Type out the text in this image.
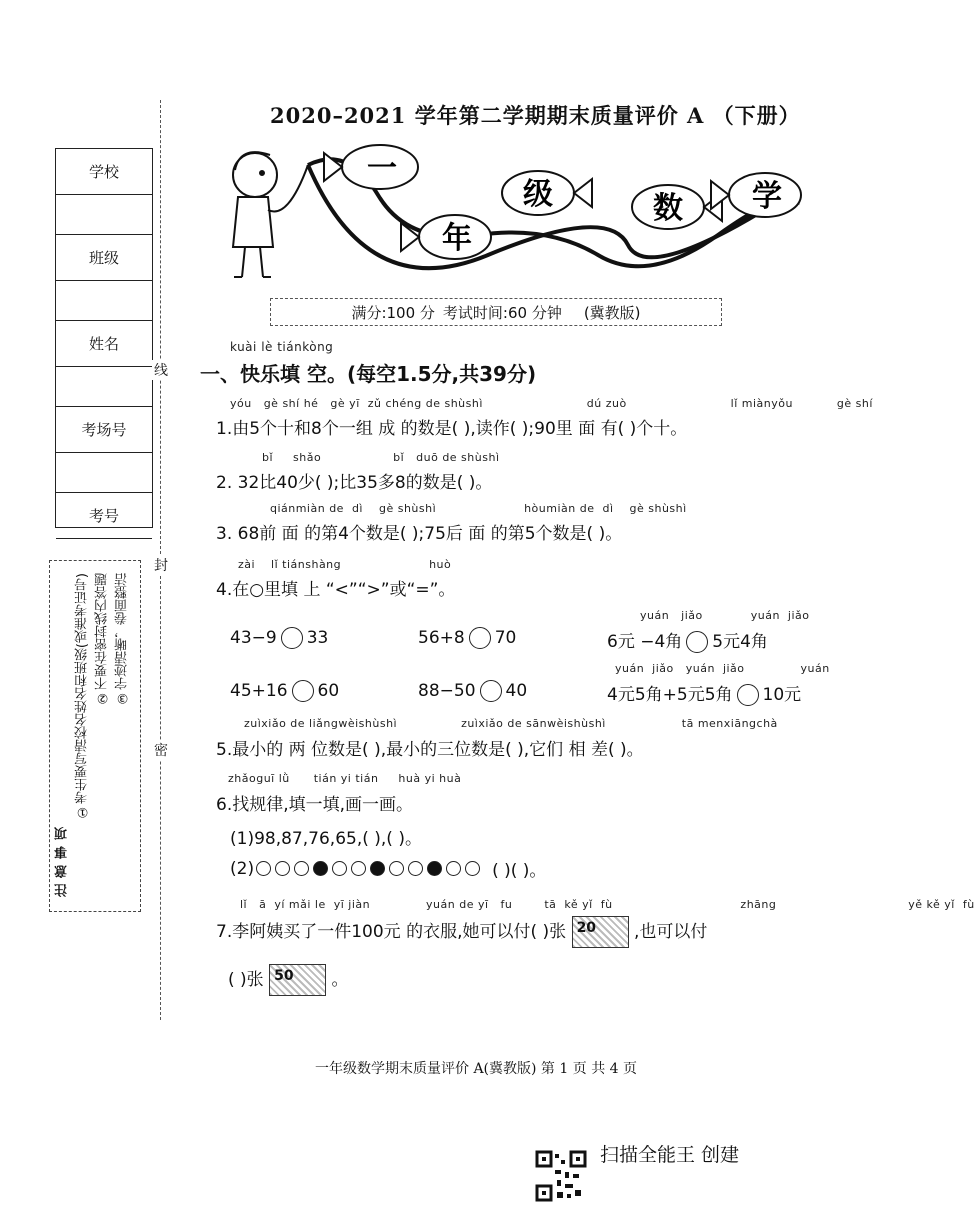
2020–2021 学年第二学期期末质量评价 A （下册）
学校
班级
姓名
考场号
考号
注意事项
①考生要写清校名姓名和班级(或准考证号) ②不要在密封线内答题 ③字迹清晰，卷面整洁
线
封
密
一
年
级	数 学
满分:100 分 考试时间:60 分钟 (冀教版)
kuài lè tiánkòng
一、快乐填 空。(每空1.5分,共39分)
yóu   gè shí hé   gè yī  zǔ chéng de shùshì                          dú zuò                          lǐ miànyǒu           gè shí
1.由5个十和8个一组 成 的数是( ),读作( );90里 面 有( )个十。
bǐ     shǎo                  bǐ   duō de shùshì
2. 32比40少( );比35多8的数是( )。
qiánmiàn de  dì    gè shùshì                      hòumiàn de  dì    gè shùshì
3. 68前 面 的第4个数是( );75后 面 的第5个数是( )。
zài    lǐ tiánshàng                      huò
4.在○里填 上 “<”“>”或“=”。
yuán   jiǎo            yuán  jiǎo
43−9 33	56+8 70	6元 −4角 5元4角
yuán  jiǎo   yuán  jiǎo              yuán
45+16 60	88−50 40	4元5角+5元5角 10元
zuìxiǎo de liǎngwèishùshì                zuìxiǎo de sānwèishùshì                   tā menxiāngchà
5.最小的 两 位数是( ),最小的三位数是( ),它们 相 差( )。
zhǎoguī lǜ      tián yi tián     huà yi huà
6.找规律,填一填,画一画。
(1)98,87,76,65,( ),( )。
(2)	( )( )。
lǐ   ā  yí mǎi le  yī jiàn              yuán de yī   fu        tā  kě yǐ  fù                                zhāng                                 yě kě yǐ  fù
7.李阿姨买了一件100元 的衣服,她可以付( )张 20 ,也可以付
( )张 50 。
一年级数学期末质量评价 A(冀教版) 第 1 页 共 4 页
扫描全能王 创建
